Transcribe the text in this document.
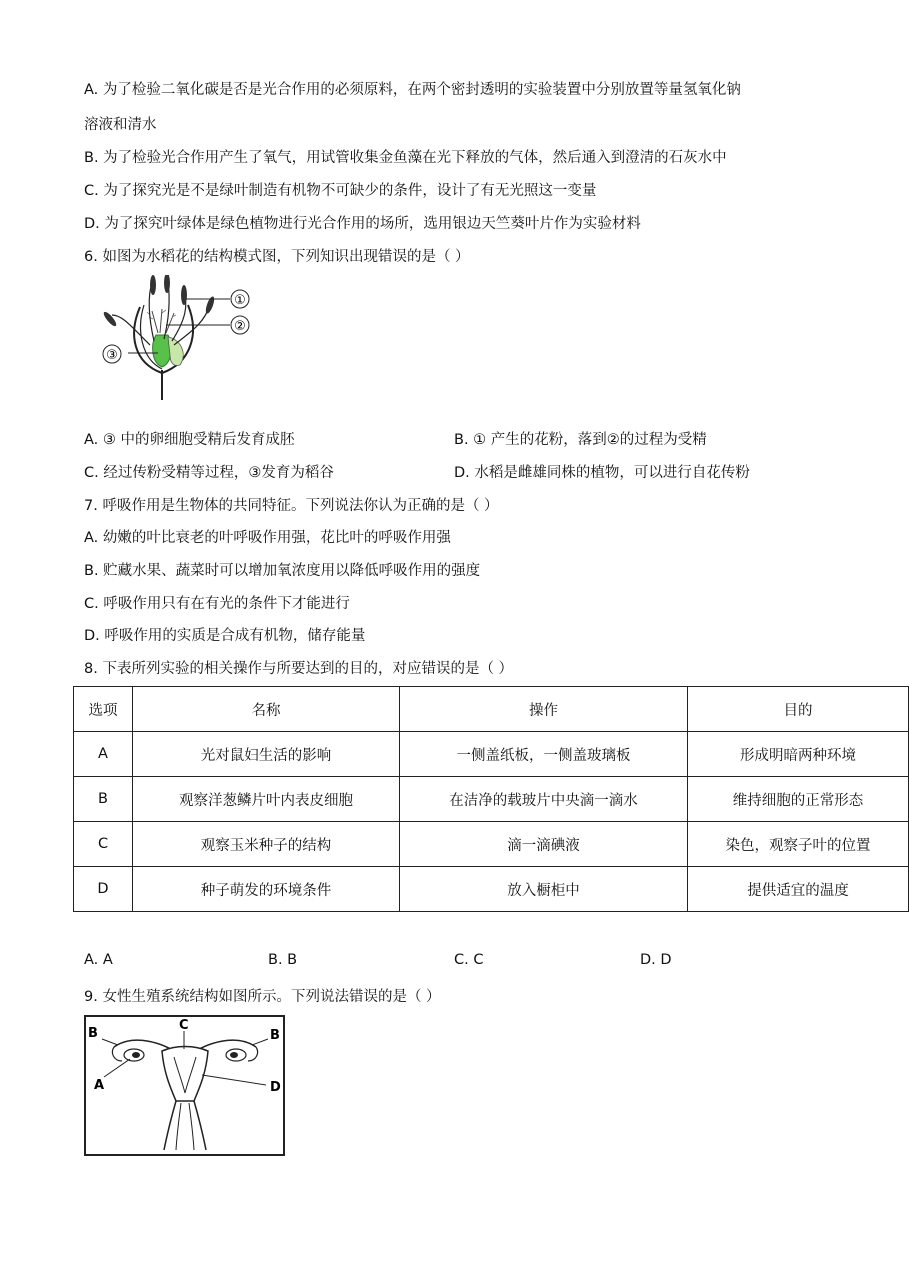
A. 为了检验二氧化碳是否是光合作用的必须原料，在两个密封透明的实验装置中分别放置等量氢氧化钠
溶液和清水
B. 为了检验光合作用产生了氧气，用试管收集金鱼藻在光下释放的气体，然后通入到澄清的石灰水中
C. 为了探究光是不是绿叶制造有机物不可缺少的条件，设计了有无光照这一变量
D. 为了探究叶绿体是绿色植物进行光合作用的场所，选用银边天竺葵叶片作为实验材料
6. 如图为水稻花的结构模式图，下列知识出现错误的是（ ）
①
②
③
A. ③ 中的卵细胞受精后发育成胚	B. ① 产生的花粉，落到②的过程为受精
C. 经过传粉受精等过程，③发育为稻谷	D. 水稻是雌雄同株的植物，可以进行自花传粉
7. 呼吸作用是生物体的共同特征。下列说法你认为正确的是（ ）
A. 幼嫩的叶比衰老的叶呼吸作用强，花比叶的呼吸作用强
B. 贮藏水果、蔬菜时可以增加氧浓度用以降低呼吸作用的强度
C. 呼吸作用只有在有光的条件下才能进行
D. 呼吸作用的实质是合成有机物，储存能量
8. 下表所列实验的相关操作与所要达到的目的，对应错误的是（ ）
选项	名称	操作	目的
A	光对鼠妇生活的影响	一侧盖纸板，一侧盖玻璃板	形成明暗两种环境
B	观察洋葱鳞片叶内表皮细胞	在洁净的载玻片中央滴一滴水	维持细胞的正常形态
C	观察玉米种子的结构	滴一滴碘液	染色，观察子叶的位置
D	种子萌发的环境条件	放入橱柜中	提供适宜的温度
A. A	B. B	C. C	D. D
9. 女性生殖系统结构如图所示。下列说法错误的是（ ）
A
B
C
B
D
